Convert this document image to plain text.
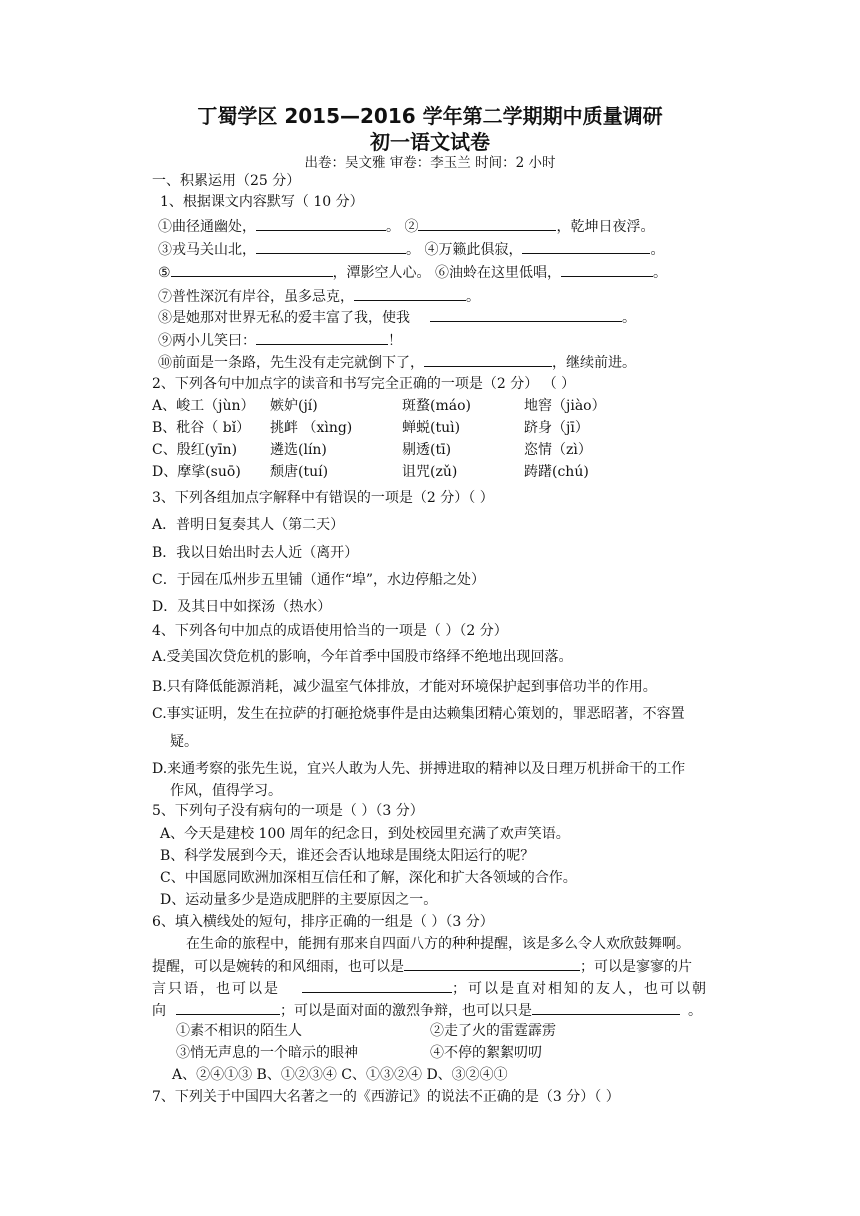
丁蜀学区 2015—2016 学年第二学期期中质量调研
初一语文试卷
出卷：吴文雅 审卷：李玉兰 时间：2 小时
一、积累运用（25 分）
1、根据课文内容默写（ 10 分）
①曲径通幽处，	。 ②	，乾坤日夜浮。
③戎马关山北，	。 ④万籁此俱寂，	。
⑤	，潭影空人心。 ⑥油蛉在这里低唱，	。
⑦普性深沉有岸谷，虽多忌克，	。
⑧是她那对世界无私的爱丰富了我，使我	。
⑨两小儿笑曰：	！
⑩前面是一条路，先生没有走完就倒下了，	，继续前进。
2、下列各句中加点字的读音和书写完全正确的一项是（2 分） （ ）
A、峻工（jùn） 嫉妒(jí)	斑蝥(máo)	地窖（jiào）
B、秕谷（ bǐ） 挑衅 （xìng)	蝉蜕(tuì)	跻身（jī）
C、殷红(yīn) 遴选(lín)	剔透(tī)	恣情（zì）
D、摩挲(suō) 颓唐(tuí)	诅咒(zǔ)	踌躇(chú)
3、下列各组加点字解释中有错误的一项是（2 分）（ ）
A．普明日复奏其人（第二天）
B．我以日始出时去人近（离开）
C．于园在瓜州步五里铺（通作“埠”，水边停船之处）
D．及其日中如探汤（热水）
4、下列各句中加点的成语使用恰当的一项是（ ）（2 分）
A.受美国次贷危机的影响，今年首季中国股市络绎不绝地出现回落。
B.只有降低能源消耗，减少温室气体排放，才能对环境保护起到事倍功半的作用。
C.事实证明，发生在拉萨的打砸抢烧事件是由达赖集团精心策划的，罪恶昭著，不容置
疑。
D.来通考察的张先生说，宜兴人敢为人先、拼搏进取的精神以及日理万机拼命干的工作
作风，值得学习。
5、下列句子没有病句的一项是（ ）（3 分）
A、今天是建校 100 周年的纪念日，到处校园里充满了欢声笑语。
B、科学发展到今天，谁还会否认地球是围绕太阳运行的呢？
C、中国愿同欧洲加深相互信任和了解，深化和扩大各领域的合作。
D、运动量多少是造成肥胖的主要原因之一。
6、填入横线处的短句，排序正确的一组是（ ）（3 分）
在生命的旅程中，能拥有那来自四面八方的种种提醒，该是多么令人欢欣鼓舞啊。
提醒，可以是婉转的和风细雨，也可以是	；可以是寥寥的片
言只语，也可以是	；可以是直对相知的友人，也可以朝
向	；可以是面对面的激烈争辩，也可以只是	。
①素不相识的陌生人	②走了火的雷霆霹雳
③悄无声息的一个暗示的眼神	④不停的絮絮叨叨
A、②④①③ B、①②③④ C、①③②④ D、③②④①
7、下列关于中国四大名著之一的《西游记》的说法不正确的是（3 分）（ ）
